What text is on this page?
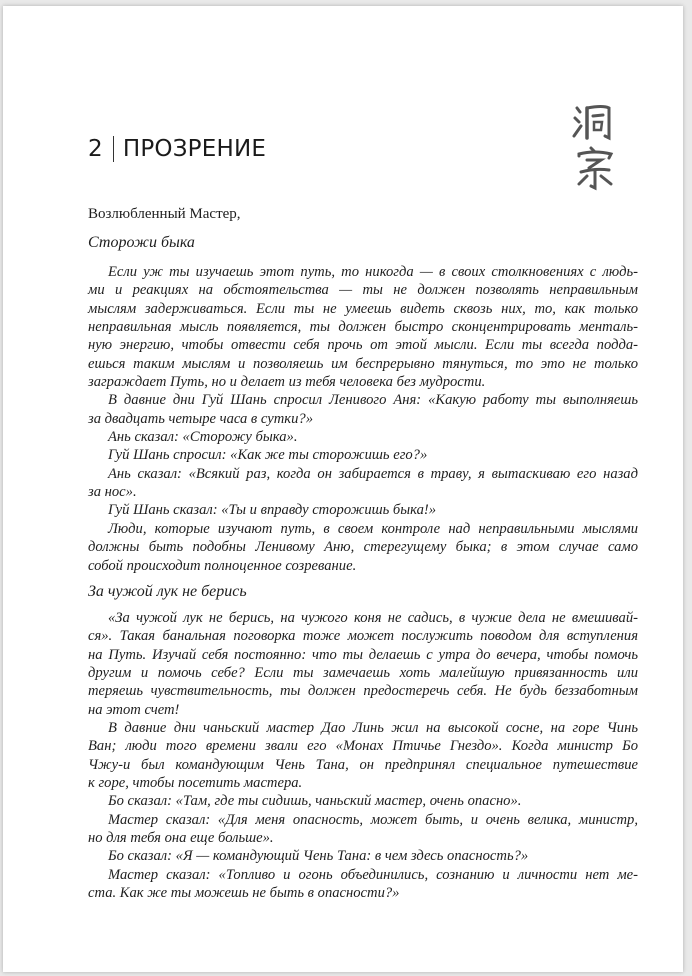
2 ПРОЗРЕНИЕ
Возлюбленный Мастер,
Сторожи быка
Если уж ты изучаешь этот путь, то никогда — в своих столкновениях с людь-
ми и реакциях на обстоятельства — ты не должен позволять неправильным
мыслям задерживаться. Если ты не умеешь видеть сквозь них, то, как только
неправильная мысль появляется, ты должен быстро сконцентрировать менталь-
ную энергию, чтобы отвести себя прочь от этой мысли. Если ты всегда подда-
ешься таким мыслям и позволяешь им беспрерывно тянуться, то это не только
заграждает Путь, но и делает из тебя человека без мудрости.
В давние дни Гуй Шань спросил Ленивого Аня: «Какую работу ты выполняешь
за двадцать четыре часа в сутки?»
Ань сказал: «Сторожу быка».
Гуй Шань спросил: «Как же ты сторожишь его?»
Ань сказал: «Всякий раз, когда он забирается в траву, я вытаскиваю его назад
за нос».
Гуй Шань сказал: «Ты и вправду сторожишь быка!»
Люди, которые изучают путь, в своем контроле над неправильными мыслями
должны быть подобны Ленивому Аню, стерегущему быка; в этом случае само
собой происходит полноценное созревание.
За чужой лук не берись
«За чужой лук не берись, на чужого коня не садись, в чужие дела не вмешивай-
ся». Такая банальная поговорка тоже может послужить поводом для вступления
на Путь. Изучай себя постоянно: что ты делаешь с утра до вечера, чтобы помочь
другим и помочь себе? Если ты замечаешь хоть малейшую привязанность или
теряешь чувствительность, ты должен предостеречь себя. Не будь беззаботным
на этот счет!
В давние дни чаньский мастер Дао Линь жил на высокой сосне, на горе Чинь
Ван; люди того времени звали его «Монах Птичье Гнездо». Когда министр Бо
Чжу-и был командующим Чень Тана, он предпринял специальное путешествие
к горе, чтобы посетить мастера.
Бо сказал: «Там, где ты сидишь, чаньский мастер, очень опасно».
Мастер сказал: «Для меня опасность, может быть, и очень велика, министр,
но для тебя она еще больше».
Бо сказал: «Я — командующий Чень Тана: в чем здесь опасность?»
Мастер сказал: «Топливо и огонь объединились, сознанию и личности нет ме-
ста. Как же ты можешь не быть в опасности?»
